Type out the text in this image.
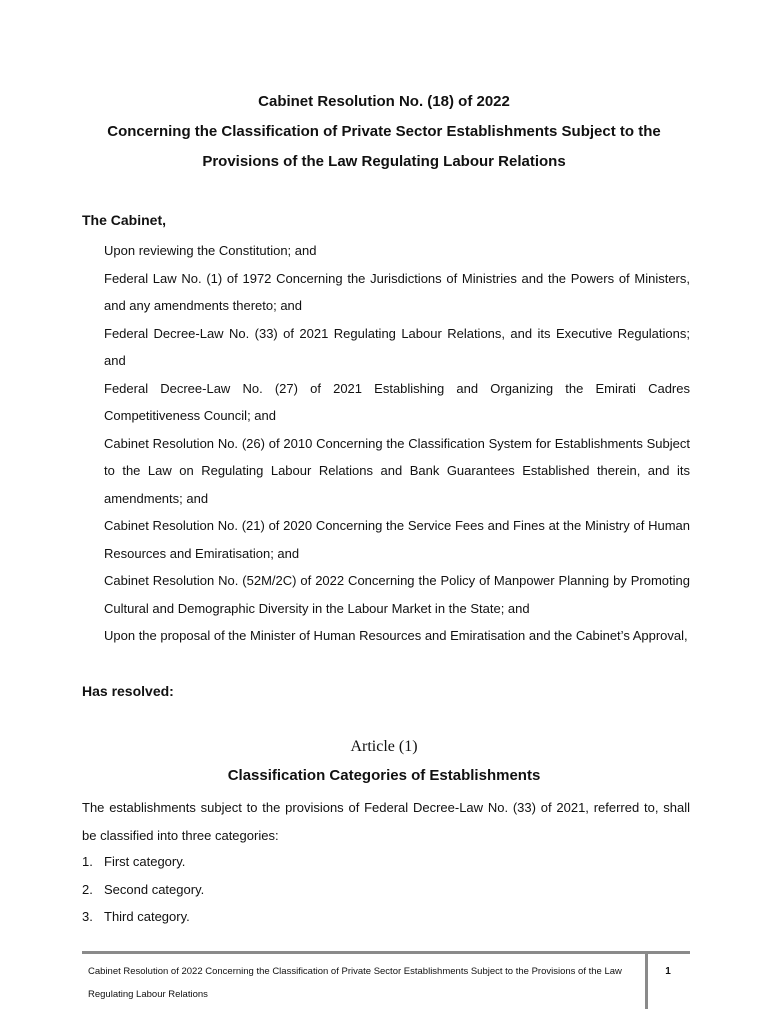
Cabinet Resolution No. (18) of 2022
Concerning the Classification of Private Sector Establishments Subject to the
Provisions of the Law Regulating Labour Relations
The Cabinet,
Upon reviewing the Constitution; and
Federal Law No. (1) of 1972 Concerning the Jurisdictions of Ministries and the Powers of Ministers, and any amendments thereto; and
Federal Decree-Law No. (33) of 2021 Regulating Labour Relations, and its Executive Regulations; and
Federal Decree-Law No. (27) of 2021 Establishing and Organizing the Emirati Cadres Competitiveness Council; and
Cabinet Resolution No. (26) of 2010 Concerning the Classification System for Establishments Subject to the Law on Regulating Labour Relations and Bank Guarantees Established therein, and its amendments; and
Cabinet Resolution No. (21) of 2020 Concerning the Service Fees and Fines at the Ministry of Human Resources and Emiratisation; and
Cabinet Resolution No. (52M/2C) of 2022 Concerning the Policy of Manpower Planning by Promoting Cultural and Demographic Diversity in the Labour Market in the State; and
Upon the proposal of the Minister of Human Resources and Emiratisation and the Cabinet’s Approval,
Has resolved:
Article (1)
Classification Categories of Establishments

The establishments subject to the provisions of Federal Decree-Law No. (33) of 2021, referred to, shall be classified into three categories:

1. First category.
2. Second category.
3. Third category.
Cabinet Resolution of 2022 Concerning the Classification of Private Sector Establishments Subject to the Provisions of the Law Regulating Labour Relations
1
